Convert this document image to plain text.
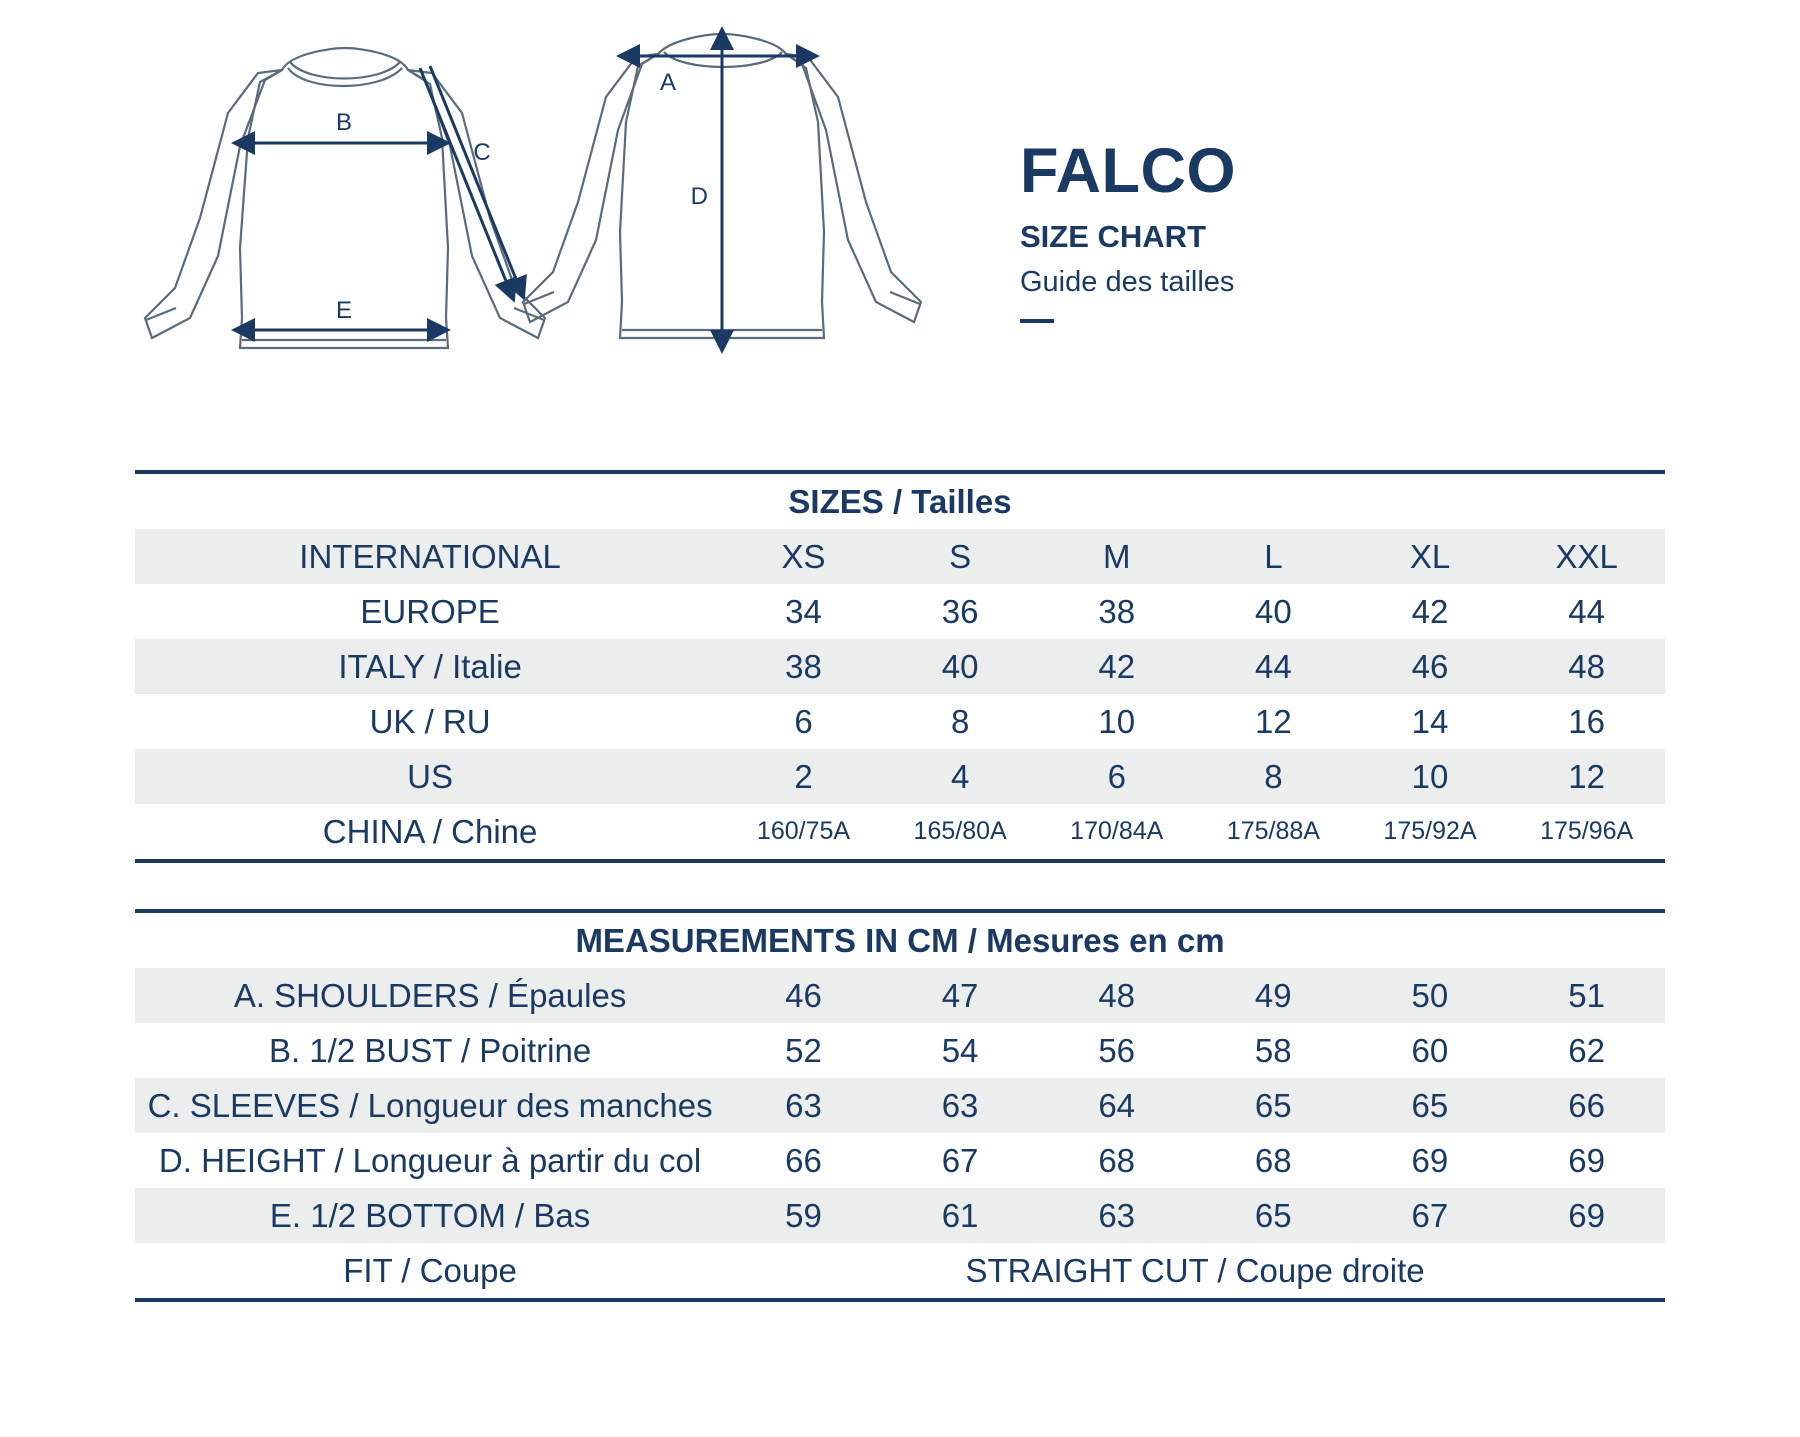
B
E
C
A
D	FALCO
SIZE CHART
Guide des tailles
SIZES / Tailles						
INTERNATIONAL	XS	S	M	L	XL	XXL
EUROPE	34	36	38	40	42	44
ITALY / Italie	38	40	42	44	46	48
UK / RU	6	8	10	12	14	16
US	2	4	6	8	10	12
CHINA / Chine	160/75A	165/80A	170/84A	175/88A	175/92A	175/96A
MEASUREMENTS IN CM / Mesures en cm						
A. SHOULDERS / Épaules	46	47	48	49	50	51
B. 1/2 BUST / Poitrine	52	54	56	58	60	62
C. SLEEVES / Longueur des manches	63	63	64	65	65	66
D. HEIGHT / Longueur à partir du col	66	67	68	68	69	69
E. 1/2 BOTTOM / Bas	59	61	63	65	67	69
FIT / Coupe	STRAIGHT CUT / Coupe droite					
